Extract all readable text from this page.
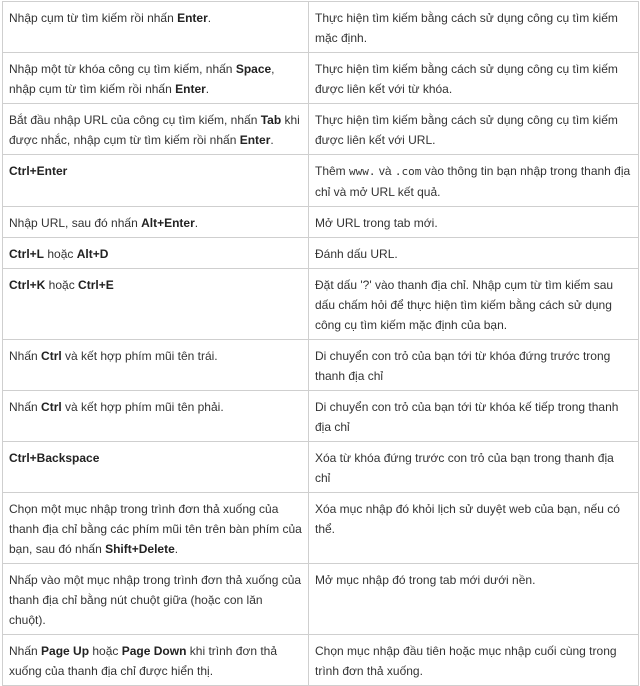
Nhập cụm từ tìm kiếm rồi nhấn Enter.	Thực hiện tìm kiếm bằng cách sử dụng công cụ tìm kiếm mặc định.
Nhập một từ khóa công cụ tìm kiếm, nhấn Space, nhập cụm từ tìm kiếm rồi nhấn Enter.	Thực hiện tìm kiếm bằng cách sử dụng công cụ tìm kiếm được liên kết với từ khóa.
Bắt đầu nhập URL của công cụ tìm kiếm, nhấn Tab khi được nhắc, nhập cụm từ tìm kiếm rồi nhấn Enter.	Thực hiện tìm kiếm bằng cách sử dụng công cụ tìm kiếm được liên kết với URL.
Ctrl+Enter	Thêm www. và .com vào thông tin bạn nhập trong thanh địa chỉ và mở URL kết quả.
Nhập URL, sau đó nhấn Alt+Enter.	Mở URL trong tab mới.
Ctrl+L hoặc Alt+D	Đánh dấu URL.
Ctrl+K hoặc Ctrl+E	Đặt dấu '?' vào thanh địa chỉ. Nhập cụm từ tìm kiếm sau dấu chấm hỏi để thực hiện tìm kiếm bằng cách sử dụng công cụ tìm kiếm mặc định của bạn.
Nhấn Ctrl và kết hợp phím mũi tên trái.	Di chuyển con trỏ của bạn tới từ khóa đứng trước trong thanh địa chỉ
Nhấn Ctrl và kết hợp phím mũi tên phải.	Di chuyển con trỏ của bạn tới từ khóa kế tiếp trong thanh địa chỉ
Ctrl+Backspace	Xóa từ khóa đứng trước con trỏ của bạn trong thanh địa chỉ
Chọn một mục nhập trong trình đơn thả xuống của thanh địa chỉ bằng các phím mũi tên trên bàn phím của bạn, sau đó nhấn Shift+Delete.	Xóa mục nhập đó khỏi lịch sử duyệt web của bạn, nếu có thể.
Nhấp vào một mục nhập trong trình đơn thả xuống của thanh địa chỉ bằng nút chuột giữa (hoặc con lăn chuột).	Mở mục nhập đó trong tab mới dưới nền.
Nhấn Page Up hoặc Page Down khi trình đơn thả xuống của thanh địa chỉ được hiển thị.	Chọn mục nhập đầu tiên hoặc mục nhập cuối cùng trong trình đơn thả xuống.
